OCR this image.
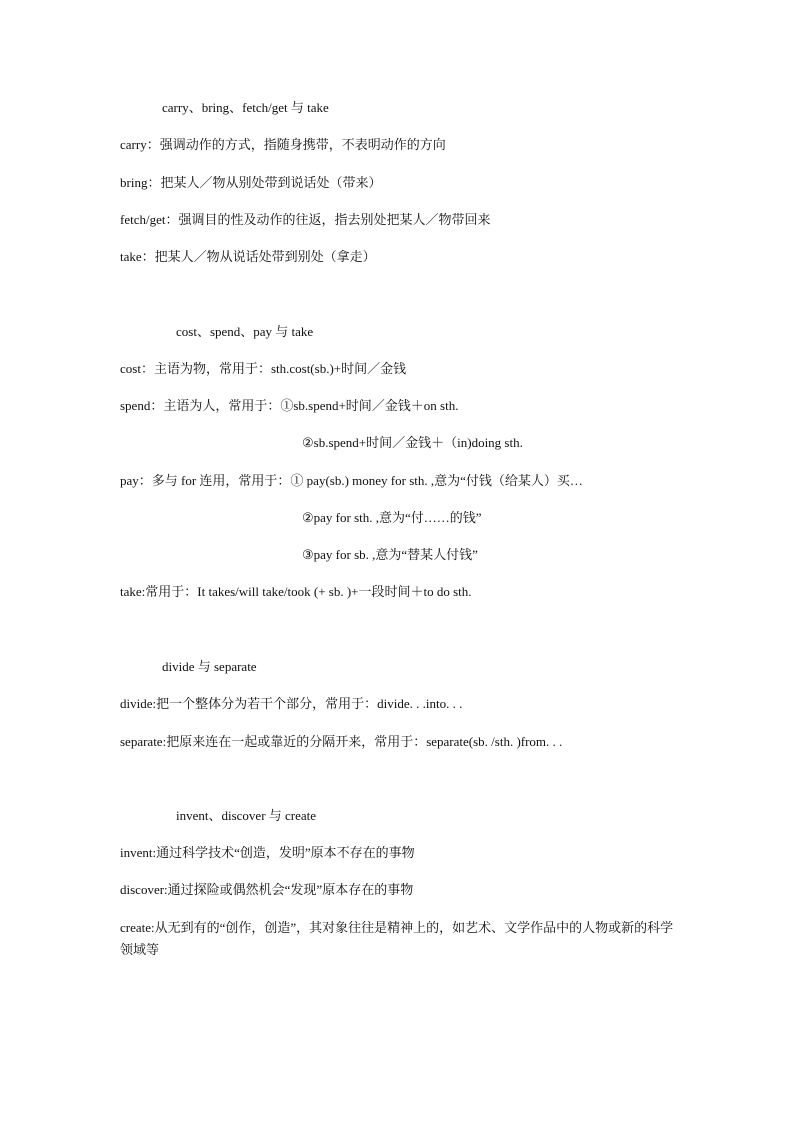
carry、bring、fetch/get 与 take
carry：强调动作的方式，指随身携带，不表明动作的方向
bring：把某人／物从别处带到说话处（带来）
fetch/get：强调目的性及动作的往返，指去别处把某人／物带回来
take：把某人／物从说话处带到别处（拿走）
cost、spend、pay 与 take
cost：主语为物，常用于：sth.cost(sb.)+时间／金钱
spend：主语为人，常用于：①sb.spend+时间／金钱＋on sth.
②sb.spend+时间／金钱＋（in)doing sth.
pay：多与 for 连用，常用于：① pay(sb.) money for sth. ,意为“付钱（给某人）买…
②pay for sth. ,意为“付……的钱”
③pay for sb. ,意为“替某人付钱”
take:常用于：It takes/will take/took (+ sb. )+一段时间＋to do sth.
divide 与 separate
divide:把一个整体分为若干个部分，常用于：divide. . .into. . .
separate:把原来连在一起或靠近的分隔开来，常用于：separate(sb. /sth. )from. . .
invent、discover 与 create
invent:通过科学技术“创造，发明”原本不存在的事物
discover:通过探险或偶然机会“发现”原本存在的事物
create:从无到有的“创作，创造”，其对象往往是精神上的，如艺术、文学作品中的人物或新的科学领域等
